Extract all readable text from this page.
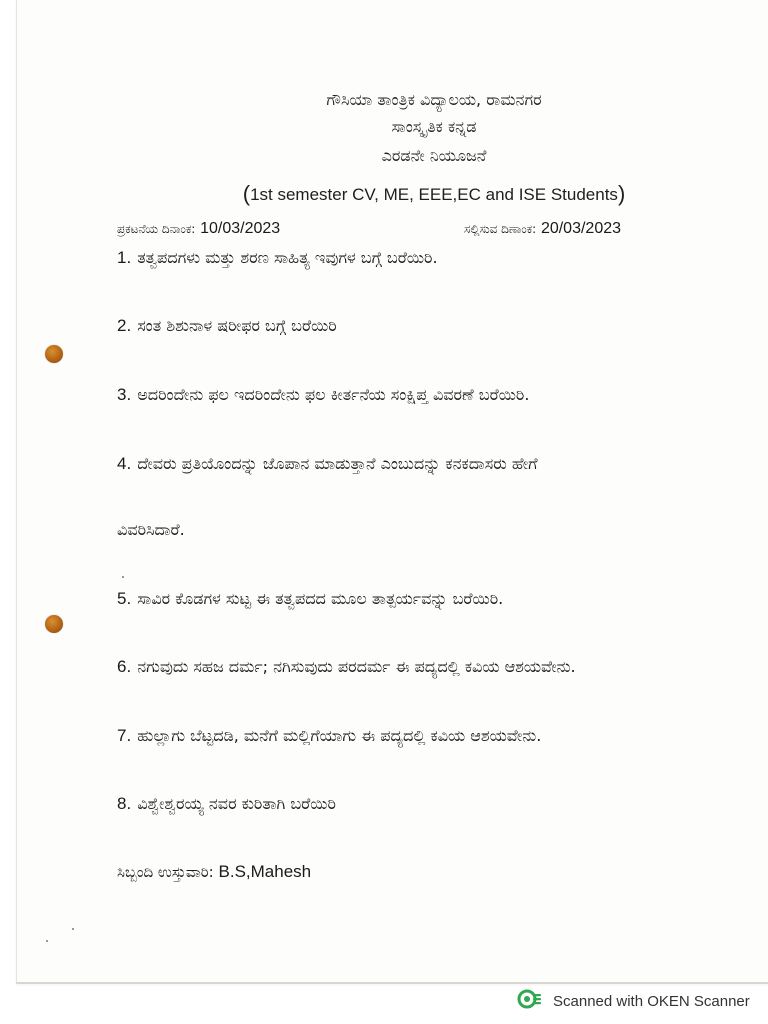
ಗೌಸಿಯಾ ತಾಂತ್ರಿಕ ವಿದ್ಯಾಲಯ, ರಾಮನಗರ
ಸಾಂಸ್ಕೃತಿಕ ಕನ್ನಡ
ಎರಡನೇ ನಿಯೂಜನೆ
(1st semester CV, ME, EEE,EC and ISE Students)
ಪ್ರಕಟನೆಯ ದಿನಾಂಕ: 10/03/2023	ಸಲ್ಲಿಸುವ ದಿಣಾಂಕ: 20/03/2023
1. ತತ್ವಪದಗಳು ಮತ್ತು ಶರಣ ಸಾಹಿತ್ಯ ಇವುಗಳ ಬಗ್ಗೆ ಬರೆಯಿರಿ.
2. ಸಂತ ಶಿಶುನಾಳ ಷರೀಫರ ಬಗ್ಗೆ ಬರೆಯಿರಿ
3. ಅದರಿಂದೇನು ಫಲ ಇದರಿಂದೇನು ಫಲ ಕೀರ್ತನೆಯ ಸಂಕ್ಷಿಪ್ತ ವಿವರಣೆ ಬರೆಯಿರಿ.
4. ದೇವರು ಪ್ರತಿಯೊಂದನ್ನು ಜೊಪಾನ ಮಾಡುತ್ತಾನೆ ಎಂಬುದನ್ನು ಕನಕದಾಸರು ಹೇಗೆ
ವಿವರಿಸಿದಾರೆ.
5. ಸಾವಿರ ಕೊಡಗಳ ಸುಟ್ಟ ಈ ತತ್ವಪದದ ಮೂಲ ತಾತ್ಪರ್ಯವನ್ನು ಬರೆಯಿರಿ.
6. ನಗುವುದು ಸಹಜ ದರ್ಮ; ನಗಿಸುವುದು ಪರದರ್ಮ ಈ ಪದ್ಯದಲ್ಲಿ ಕವಿಯ ಆಶಯವೇನು.
7. ಹುಲ್ಲಾಗು ಬೆಟ್ಟದಡಿ, ಮನೆಗೆ ಮಲ್ಲಿಗೆಯಾಗು ಈ ಪದ್ಯದಲ್ಲಿ ಕವಿಯ ಆಶಯವೇನು.
8. ವಿಶ್ವೇಶ್ವರಯ್ಯ ನವರ ಕುರಿತಾಗಿ ಬರೆಯಿರಿ
ಸಿಬ್ಬಂದಿ ಉಸ್ತುವಾರಿ: B.S,Mahesh
Scanned with OKEN Scanner
